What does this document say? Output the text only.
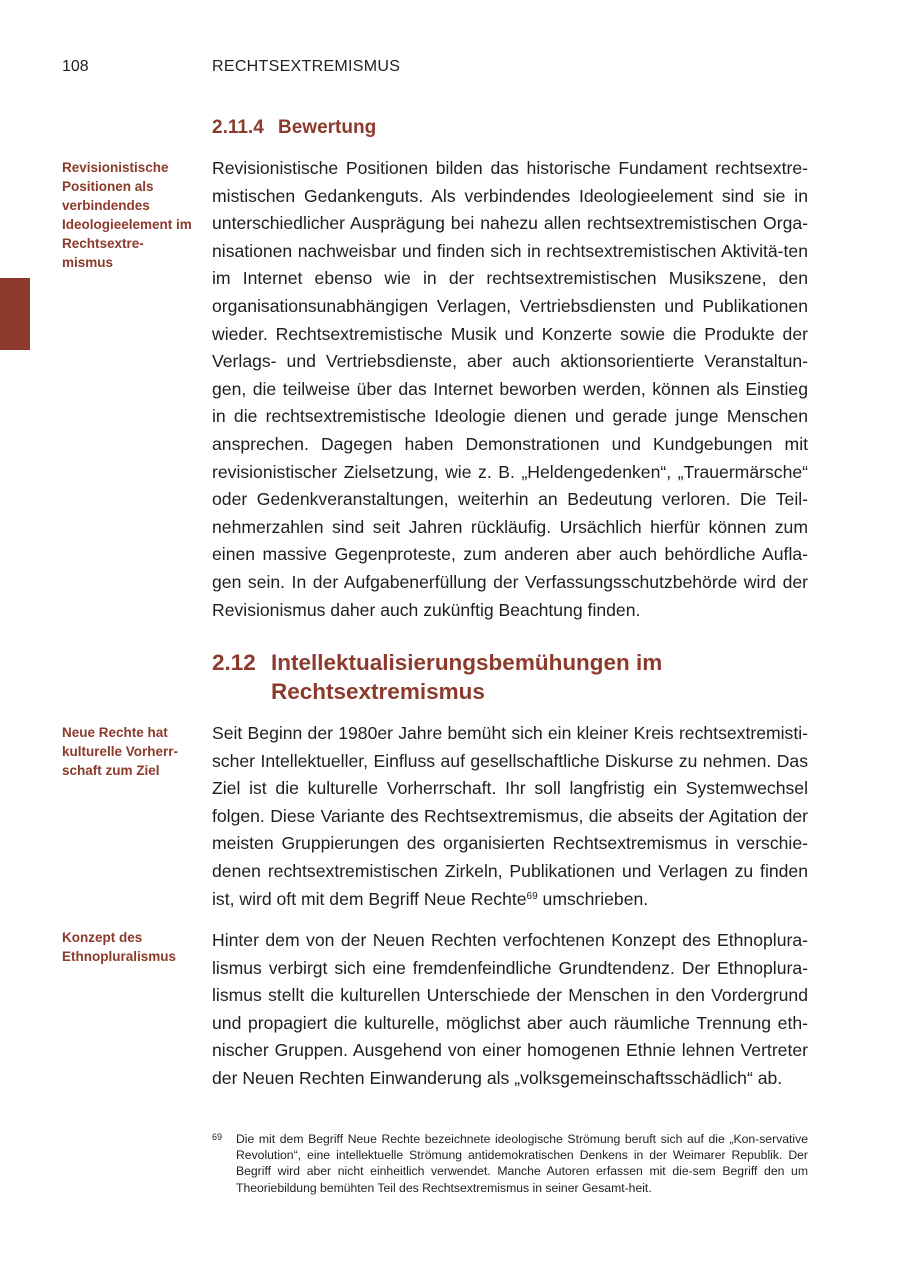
108	RECHTSEXTREMISMUS
2.11.4 Bewertung
Revisionistische Positionen als verbindendes Ideologieelement im Rechtsextre-mismus

Revisionistische Positionen bilden das historische Fundament rechtsextre-mistischen Gedankenguts. Als verbindendes Ideologieelement sind sie in unterschiedlicher Ausprägung bei nahezu allen rechtsextremistischen Orga-nisationen nachweisbar und finden sich in rechtsextremistischen Aktivitä-ten im Internet ebenso wie in der rechtsextremistischen Musikszene, den organisationsunabhängigen Verlagen, Vertriebsdiensten und Publikationen wieder. Rechtsextremistische Musik und Konzerte sowie die Produkte der Verlags- und Vertriebsdienste, aber auch aktionsorientierte Veranstaltun-gen, die teilweise über das Internet beworben werden, können als Einstieg in die rechtsextremistische Ideologie dienen und gerade junge Menschen ansprechen. Dagegen haben Demonstrationen und Kundgebungen mit revisionistischer Zielsetzung, wie z. B. „Heldengedenken“, „Trauermärsche“ oder Gedenkveranstaltungen, weiterhin an Bedeutung verloren. Die Teil-nehmerzahlen sind seit Jahren rückläufig. Ursächlich hierfür können zum einen massive Gegenproteste, zum anderen aber auch behördliche Aufla-gen sein. In der Aufgabenerfüllung der Verfassungsschutzbehörde wird der Revisionismus daher auch zukünftig Beachtung finden.

2.12 Intellektualisierungsbemühungen im
Rechtsextremismus
Neue Rechte hat kulturelle Vorherr-schaft zum Ziel

Seit Beginn der 1980er Jahre bemüht sich ein kleiner Kreis rechtsextremisti-scher Intellektueller, Einfluss auf gesellschaftliche Diskurse zu nehmen. Das Ziel ist die kulturelle Vorherrschaft. Ihr soll langfristig ein Systemwechsel folgen. Diese Variante des Rechtsextremismus, die abseits der Agitation der meisten Gruppierungen des organisierten Rechtsextremismus in verschie-denen rechtsextremistischen Zirkeln, Publikationen und Verlagen zu finden ist, wird oft mit dem Begriff Neue Rechte$^{69}$ umschrieben.

Konzept des Ethnopluralismus

Hinter dem von der Neuen Rechten verfochtenen Konzept des Ethnoplura-lismus verbirgt sich eine fremdenfeindliche Grundtendenz. Der Ethnoplura-lismus stellt die kulturellen Unterschiede der Menschen in den Vordergrund und propagiert die kulturelle, möglichst aber auch räumliche Trennung eth-nischer Gruppen. Ausgehend von einer homogenen Ethnie lehnen Vertreter der Neuen Rechten Einwanderung als „volksgemeinschaftsschädlich“ ab.

69 Die mit dem Begriff Neue Rechte bezeichnete ideologische Strömung beruft sich auf die „Kon-servative Revolution“, eine intellektuelle Strömung antidemokratischen Denkens in der Weimarer Republik. Der Begriff wird aber nicht einheitlich verwendet. Manche Autoren erfassen mit die-sem Begriff den um Theoriebildung bemühten Teil des Rechtsextremismus in seiner Gesamt-heit.
